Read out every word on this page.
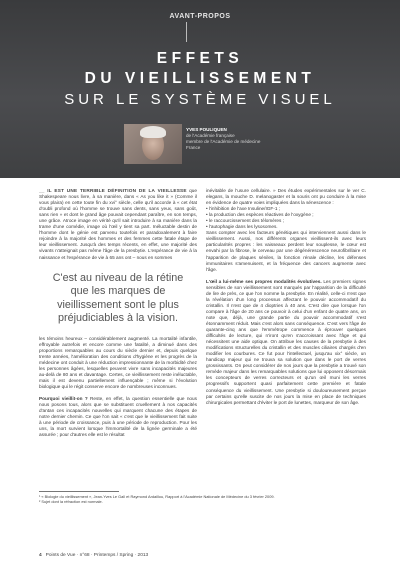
AVANT-PROPOS
EFFETS
DU VIEILLISSEMENT
SUR LE SYSTÈME VISUEL
YVES POULIQUEN
de l'Académie française
membre de l'Académie de médecine
France

__ IL EST UNE TERRIBLE DÉFINITION DE LA VIEILLESSE que Shakespeare nous livre, à sa manière, dans « As you like it » (Comme il vous plaira) en cette toute fin du xvi° siècle, celle qu'il accorde à « cet état d'oubli profond où l'homme se trouve sans dents, sans yeux, sans goût, sans rien » et dont le grand âge pouvait cependant paraître, en son temps, une grâce. Atroce image en vérité qu'il sait introduire à sa manière dans la trame d'une comédie, image où l'œil y tient sa part. Inéluctable destin de l'homme dont le génie est parvenu toutefois et paradoxalement à faire rejoindre à la majorité des hommes et des femmes cette fatale étape de leur vieillissement. Jusqu'à des temps récents, en effet, une majorité des vivants n'atteignait pas même l'âge de la presbytie. L'espérance de vie à la naissance et l'espérance de vie à 65 ans ont – nous en sommes

C'est au niveau de la rétine que les marques de vieillissement sont le plus préjudiciables à la vision.

les témoins heureux – considérablement augmenté. La mortalité infantile, effroyable autrefois et encore comme une fatalité, a diminué dans des proportions remarquables au cours du siècle dernier et, depuis quelque trente années, l'amélioration des conditions d'hygiène et les progrès de la médecine ont conduit à une réduction impressionnante de la morbidité chez les personnes âgées, lesquelles peuvent vivre sans incapacités majeures au-delà de 80 ans et davantage. Certes, ce vieillissement reste inéluctable, mais il est devenu partiellement influençable ; même si l'évolution biologique qui le régit conserve encore de nombreuses inconnues.

Pourquoi vieillit-on ? Reste, en effet, la question essentielle que nous nous posons tous, alors que se substituent cruellement à nos capacités d'antan ces incapacités nouvelles qui marquent chacune des étapes de notre dernier chemin. Ce que l'on sait « c'est que le vieillissement fait suite à une période de croissance, puis à une période de reproduction. Pour les uns, la mort survient lorsque l'immortalité de la lignée germinale a été assurée ; pour d'autres elle est le résultat

inévitable de l'usure cellulaire. » Des études expérimentales sur le ver C. elegans, la mouche D. melanogaster et la souris ont pu conduire à la mise en évidence de quatre voies impliquées dans la sénescence :

• l'inhibition de l'axe Insuline/IGF-1 ;

• la production des espèces réactives de l'oxygène ;

• le raccourcissement des télomères ;

• l'autophagie dans les lysosomes.

Sans compter avec les facteurs génétiques qui interviennent aussi dans le vieillissement. Aussi, nos différents organes vieillissent-ils avec leurs particularités propres : les vaisseaux perdent leur souplesse, le cœur est envahi par la fibrose, le cerveau par une dégénérescence neurofibrillaire et l'apparition de plaques séniles, la fonction rénale décline, les défenses immunitaires s'amenuisent, et la fréquence des cancers augmente avec l'âge.

L'œil a lui-même ses propres modalités évolutives. Les premiers signes sensibles de son vieillissement sont marqués par l'apparition de la difficulté de lire de près, ce que l'on nomme la presbytie. En réalité, celle-ci n'est que la révélation d'un long processus affectant le pouvoir accommodatif du cristallin. Il n'est que de 4 dioptries à 40 ans. C'est dire que lorsque l'on compare à l'âge de 20 ans ce pouvoir à celui d'un enfant de quatre ans, on note que, déjà, une grande partie du pouvoir accommodatif s'est étonnamment réduit. Mais c'est alors sans conséquence. C'est vers l'âge de quarante-cinq ans que l'emmétrope commence à éprouver quelques difficultés de lecture, qui n'iront qu'en s'accroissant avec l'âge et qui nécessitent une aide optique. On attribue les causes de la presbytie à des modifications structurelles du cristallin et des muscles ciliaires chargés d'en modifier les courbures. Ce fut pour l'intellectuel, jusqu'au xix° siècle, un handicap majeur qui ne trouva sa solution que dans le port de verres grossissants. On peut considérer de nos jours que la presbytie a trouvé son remède majeur dans les remarquables solutions que lui opposent désormais les concepteurs de verres correcteurs et qu'un œil muni les verres progressifs supportent quasi parfaitement cette première et fatale conséquence du vieillissement. Une presbytie si douloureusement perçue par certains qu'elle suscite de nos jours la mise en place de techniques chirurgicales permettant d'éviter le port de lunettes, marqueur de son âge.

¹ « Biologie du vieillissement », Jean-Yves Le Gall et Raymond Ardaillou, Rapport à l'Académie Nationale de Médecine du 3 février 2009.
² Sujet dont la réfraction est normale.
4 Points de Vue · n°68 · Printemps / Spring · 2013
